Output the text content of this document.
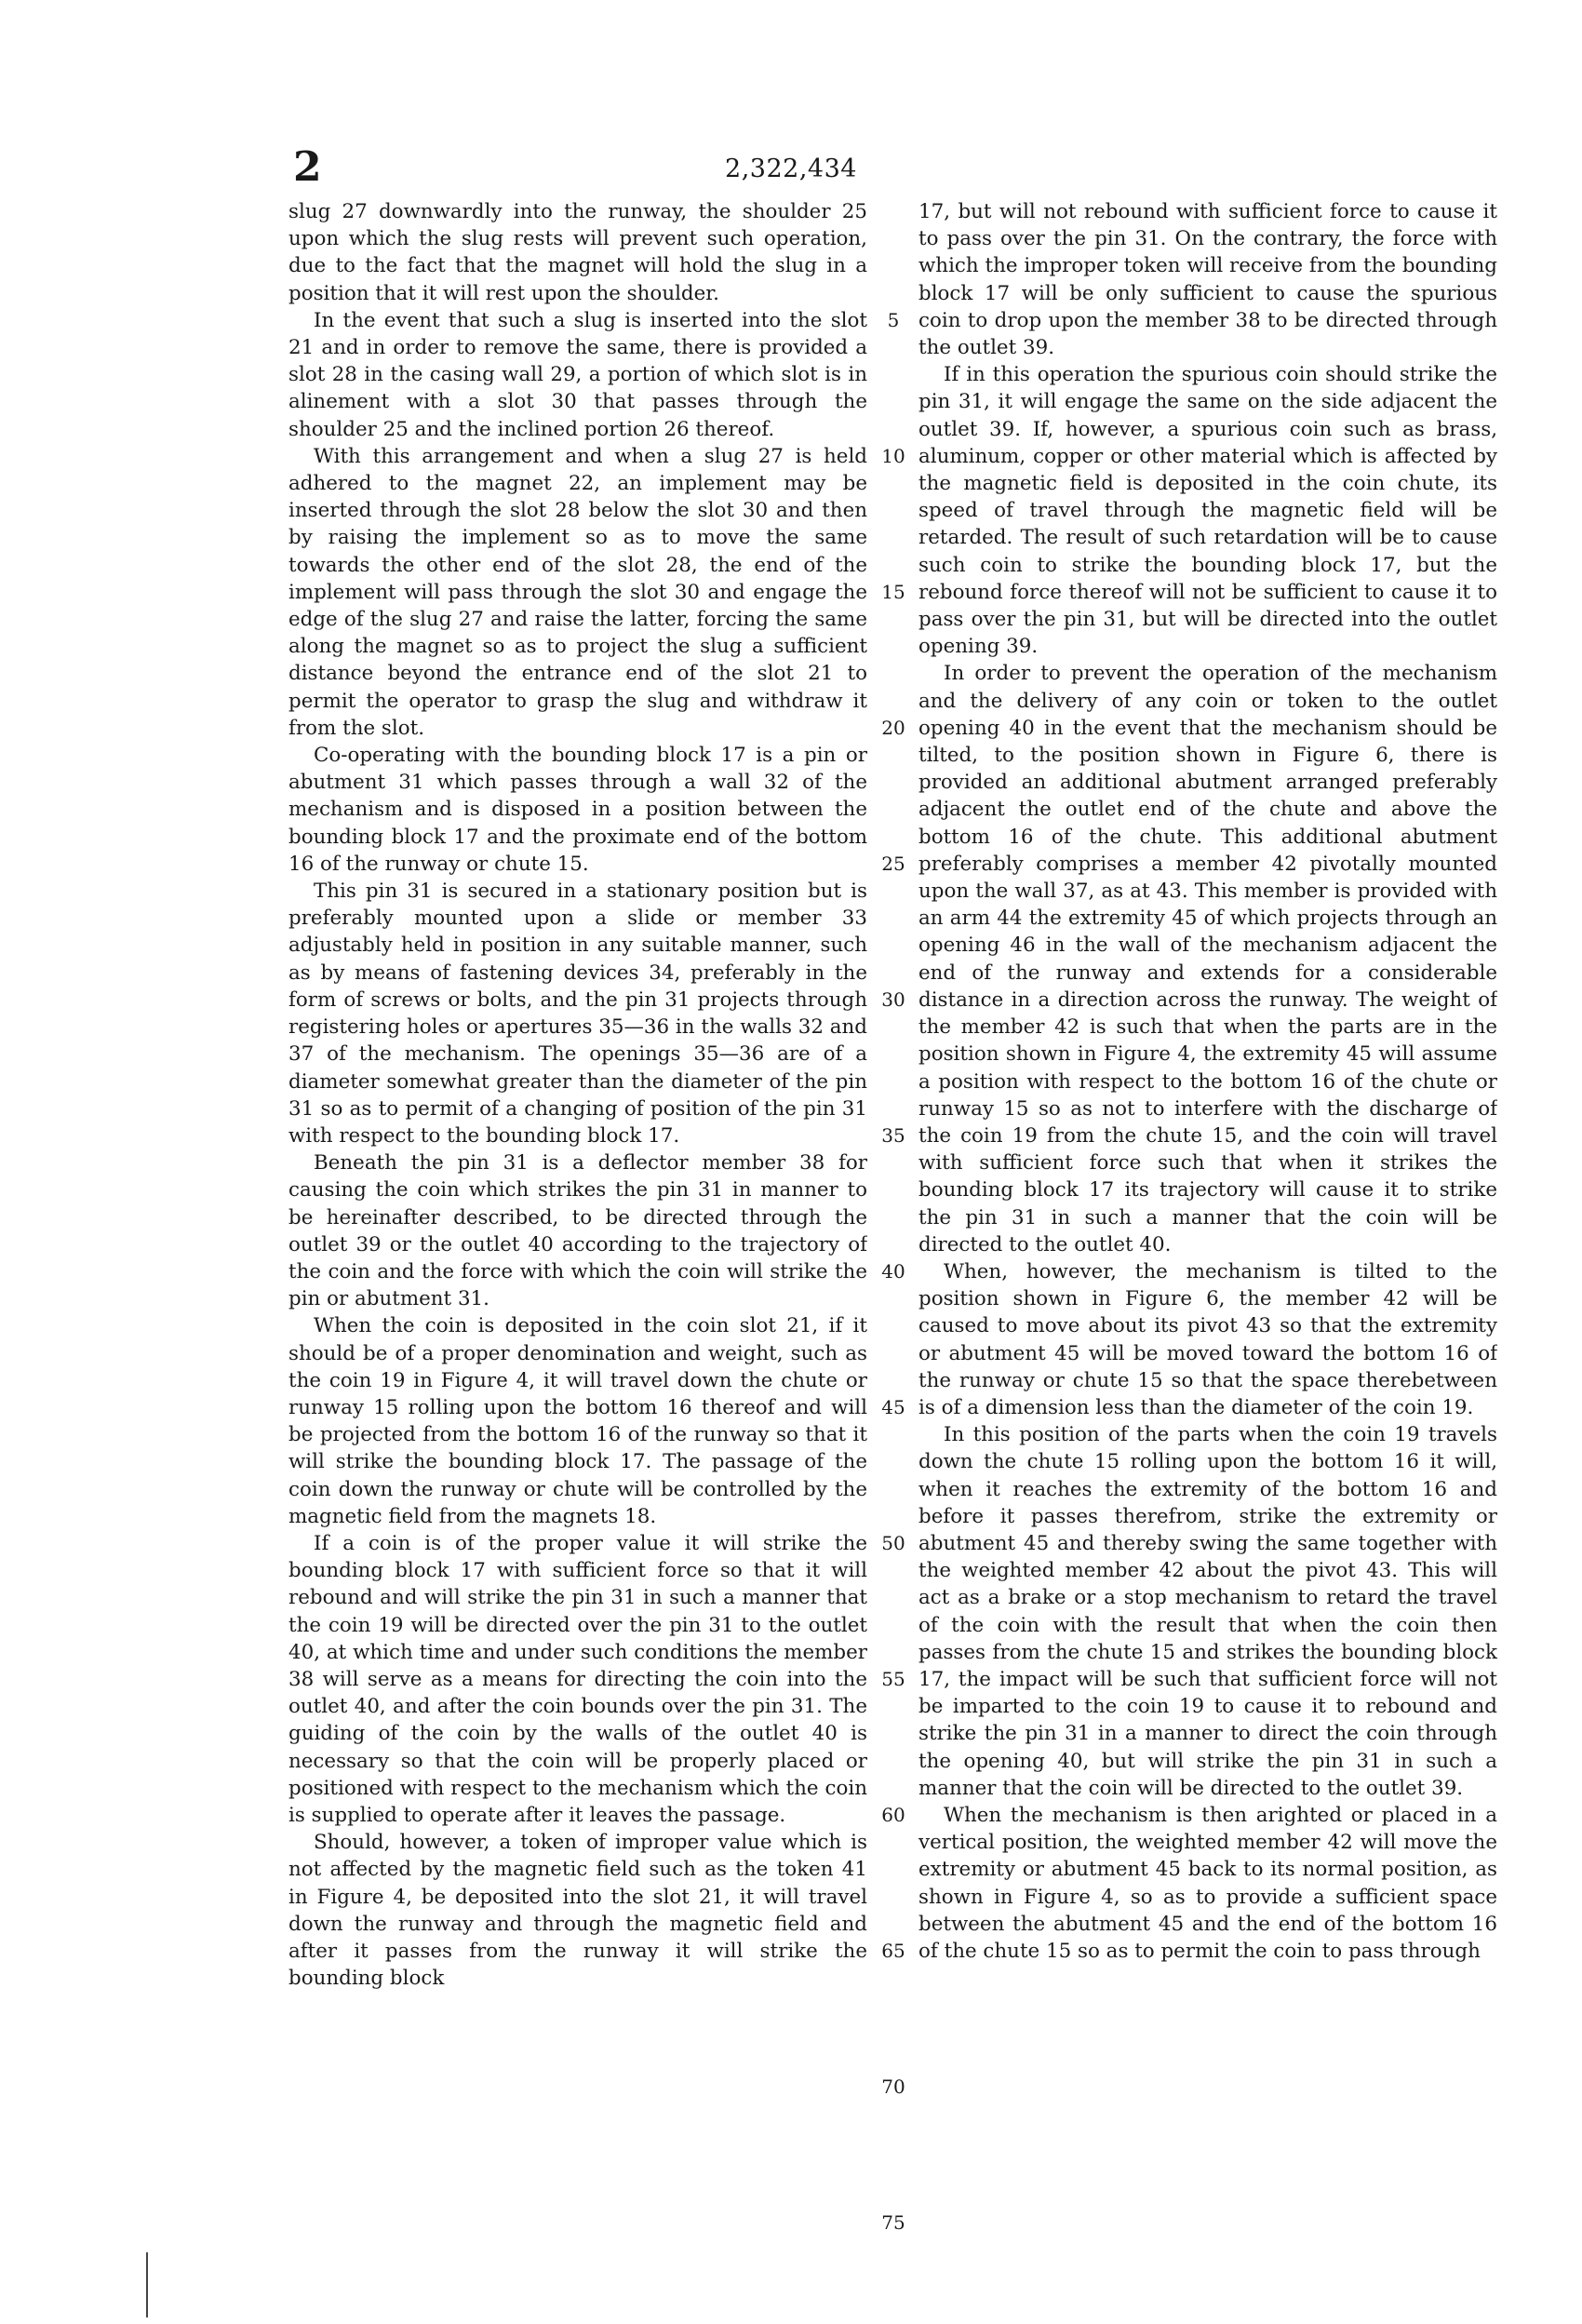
2	2,322,434

slug 27 downwardly into the runway, the shoulder 25 upon which the slug rests will prevent such operation, due to the fact that the magnet will hold the slug in a position that it will rest upon the shoulder.

In the event that such a slug is inserted into the slot 21 and in order to remove the same, there is provided a slot 28 in the casing wall 29, a portion of which slot is in alinement with a slot 30 that passes through the shoulder 25 and the inclined portion 26 thereof.

With this arrangement and when a slug 27 is held adhered to the magnet 22, an implement may be inserted through the slot 28 below the slot 30 and then by raising the implement so as to move the same towards the other end of the slot 28, the end of the implement will pass through the slot 30 and engage the edge of the slug 27 and raise the latter, forcing the same along the magnet so as to project the slug a sufficient distance beyond the entrance end of the slot 21 to permit the operator to grasp the slug and withdraw it from the slot.

Co-operating with the bounding block 17 is a pin or abutment 31 which passes through a wall 32 of the mechanism and is disposed in a position between the bounding block 17 and the proximate end of the bottom 16 of the runway or chute 15.

This pin 31 is secured in a stationary position but is preferably mounted upon a slide or member 33 adjustably held in position in any suitable manner, such as by means of fastening devices 34, preferably in the form of screws or bolts, and the pin 31 projects through registering holes or apertures 35—36 in the walls 32 and 37 of the mechanism. The openings 35—36 are of a diameter somewhat greater than the diameter of the pin 31 so as to permit of a changing of position of the pin 31 with respect to the bounding block 17.

Beneath the pin 31 is a deflector member 38 for causing the coin which strikes the pin 31 in manner to be hereinafter described, to be directed through the outlet 39 or the outlet 40 according to the trajectory of the coin and the force with which the coin will strike the pin or abutment 31.

When the coin is deposited in the coin slot 21, if it should be of a proper denomination and weight, such as the coin 19 in Figure 4, it will travel down the chute or runway 15 rolling upon the bottom 16 thereof and will be projected from the bottom 16 of the runway so that it will strike the bounding block 17. The passage of the coin down the runway or chute will be controlled by the magnetic field from the magnets 18.

If a coin is of the proper value it will strike the bounding block 17 with sufficient force so that it will rebound and will strike the pin 31 in such a manner that the coin 19 will be directed over the pin 31 to the outlet 40, at which time and under such conditions the member 38 will serve as a means for directing the coin into the outlet 40, and after the coin bounds over the pin 31. The guiding of the coin by the walls of the outlet 40 is necessary so that the coin will be properly placed or positioned with respect to the mechanism which the coin is supplied to operate after it leaves the passage.

Should, however, a token of improper value which is not affected by the magnetic field such as the token 41 in Figure 4, be deposited into the slot 21, it will travel down the runway and through the magnetic field and after it passes from the runway it will strike the bounding block

5
10
15
20
25
30
35
40
45
50
55
60
65
70
75

17, but will not rebound with sufficient force to cause it to pass over the pin 31. On the contrary, the force with which the improper token will receive from the bounding block 17 will be only sufficient to cause the spurious coin to drop upon the member 38 to be directed through the outlet 39.

If in this operation the spurious coin should strike the pin 31, it will engage the same on the side adjacent the outlet 39. If, however, a spurious coin such as brass, aluminum, copper or other material which is affected by the magnetic field is deposited in the coin chute, its speed of travel through the magnetic field will be retarded. The result of such retardation will be to cause such coin to strike the bounding block 17, but the rebound force thereof will not be sufficient to cause it to pass over the pin 31, but will be directed into the outlet opening 39.

In order to prevent the operation of the mechanism and the delivery of any coin or token to the outlet opening 40 in the event that the mechanism should be tilted, to the position shown in Figure 6, there is provided an additional abutment arranged preferably adjacent the outlet end of the chute and above the bottom 16 of the chute. This additional abutment preferably comprises a member 42 pivotally mounted upon the wall 37, as at 43. This member is provided with an arm 44 the extremity 45 of which projects through an opening 46 in the wall of the mechanism adjacent the end of the runway and extends for a considerable distance in a direction across the runway. The weight of the member 42 is such that when the parts are in the position shown in Figure 4, the extremity 45 will assume a position with respect to the bottom 16 of the chute or runway 15 so as not to interfere with the discharge of the coin 19 from the chute 15, and the coin will travel with sufficient force such that when it strikes the bounding block 17 its trajectory will cause it to strike the pin 31 in such a manner that the coin will be directed to the outlet 40.

When, however, the mechanism is tilted to the position shown in Figure 6, the member 42 will be caused to move about its pivot 43 so that the extremity or abutment 45 will be moved toward the bottom 16 of the runway or chute 15 so that the space therebetween is of a dimension less than the diameter of the coin 19.

In this position of the parts when the coin 19 travels down the chute 15 rolling upon the bottom 16 it will, when it reaches the extremity of the bottom 16 and before it passes therefrom, strike the extremity or abutment 45 and thereby swing the same together with the weighted member 42 about the pivot 43. This will act as a brake or a stop mechanism to retard the travel of the coin with the result that when the coin then passes from the chute 15 and strikes the bounding block 17, the impact will be such that sufficient force will not be imparted to the coin 19 to cause it to rebound and strike the pin 31 in a manner to direct the coin through the opening 40, but will strike the pin 31 in such a manner that the coin will be directed to the outlet 39.

When the mechanism is then arighted or placed in a vertical position, the weighted member 42 will move the extremity or abutment 45 back to its normal position, as shown in Figure 4, so as to provide a sufficient space between the abutment 45 and the end of the bottom 16 of the chute 15 so as to permit the coin to pass through
